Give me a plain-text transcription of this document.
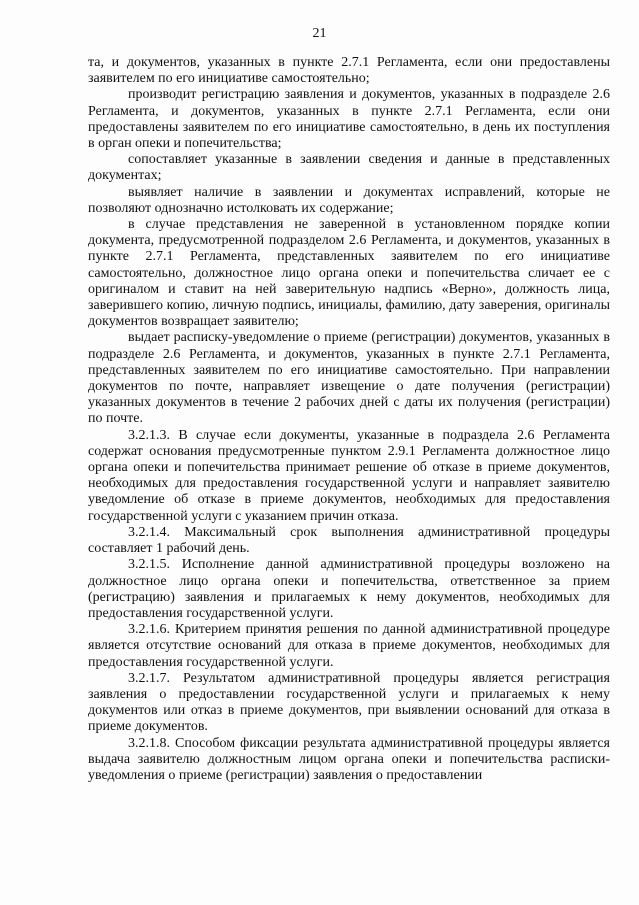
21

та, и документов, указанных в пункте 2.7.1 Регламента, если они предоставлены заявителем по его инициативе самостоятельно;

производит регистрацию заявления и документов, указанных в подразделе 2.6 Регламента, и документов, указанных в пункте 2.7.1 Регламента, если они предоставлены заявителем по его инициативе самостоятельно, в день их поступления в орган опеки и попечительства;

сопоставляет указанные в заявлении сведения и данные в представленных документах;

выявляет наличие в заявлении и документах исправлений, которые не позволяют однозначно истолковать их содержание;

в случае представления не заверенной в установленном порядке копии документа, предусмотренной подразделом 2.6 Регламента, и документов, указанных в пункте 2.7.1 Регламента, представленных заявителем по его инициативе самостоятельно, должностное лицо органа опеки и попечительства сличает ее с оригиналом и ставит на ней заверительную надпись «Верно», должность лица, заверившего копию, личную подпись, инициалы, фамилию, дату заверения, оригиналы документов возвращает заявителю;

выдает расписку-уведомление о приеме (регистрации) документов, указанных в подразделе 2.6 Регламента, и документов, указанных в пункте 2.7.1 Регламента, представленных заявителем по его инициативе самостоятельно. При направлении документов по почте, направляет извещение о дате получения (регистрации) указанных документов в течение 2 рабочих дней с даты их получения (регистрации) по почте.

3.2.1.3. В случае если документы, указанные в подраздела 2.6 Регламента содержат основания предусмотренные пунктом 2.9.1 Регламента должностное лицо органа опеки и попечительства принимает решение об отказе в приеме документов, необходимых для предоставления государственной услуги и направляет заявителю уведомление об отказе в приеме документов, необходимых для предоставления государственной услуги с указанием причин отказа.

3.2.1.4. Максимальный срок выполнения административной процедуры составляет 1 рабочий день.

3.2.1.5. Исполнение данной административной процедуры возложено на должностное лицо органа опеки и попечительства, ответственное за прием (регистрацию) заявления и прилагаемых к нему документов, необходимых для предоставления государственной услуги.

3.2.1.6. Критерием принятия решения по данной административной процедуре является отсутствие оснований для отказа в приеме документов, необходимых для предоставления государственной услуги.

3.2.1.7. Результатом административной процедуры является регистрация заявления о предоставлении государственной услуги и прилагаемых к нему документов или отказ в приеме документов, при выявлении оснований для отказа в приеме документов.

3.2.1.8. Способом фиксации результата административной процедуры является выдача заявителю должностным лицом органа опеки и попечительства расписки-уведомления о приеме (регистрации) заявления о предоставлении
